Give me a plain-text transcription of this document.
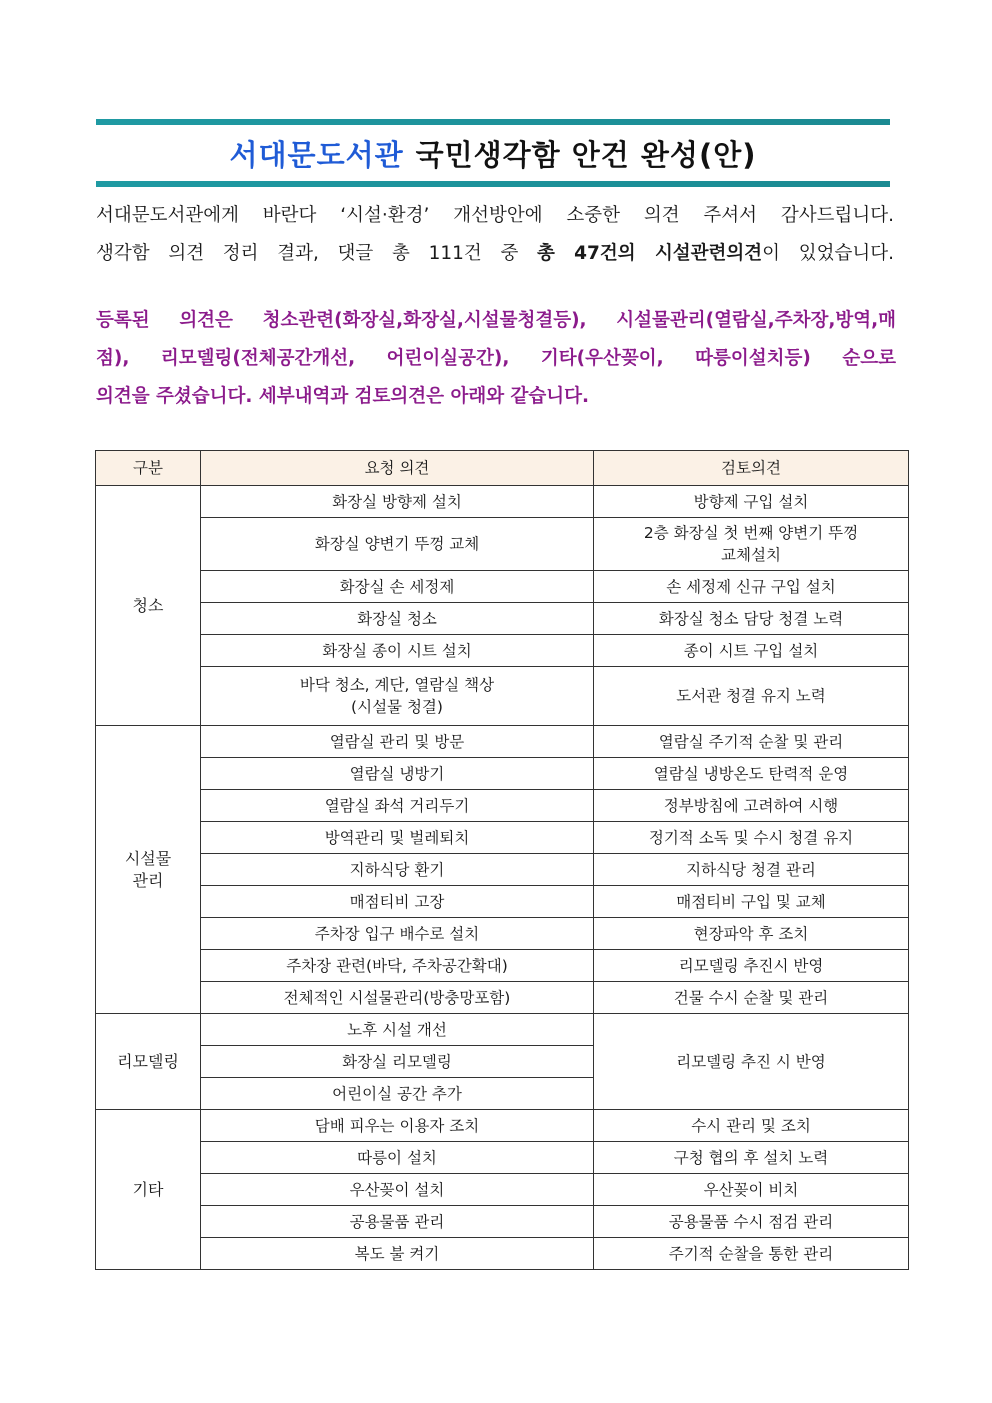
서대문도서관 국민생각함 안건 완성(안)

서대문도서관에게 바란다 ‘시설·환경’ 개선방안에 소중한 의견 주셔서 감사드립니다.

생각함 의견 정리 결과, 댓글 총 111건 중 총 47건의 시설관련의견이 있었습니다.

등록된 의견은 청소관련(화장실,화장실,시설물청결등), 시설물관리(열람실,주차장,방역,매

점), 리모델링(전체공간개선, 어린이실공간), 기타(우산꽂이, 따릉이설치등) 순으로

의견을 주셨습니다. 세부내역과 검토의견은 아래와 같습니다.

구분	요청 의견	검토의견
청소	화장실 방향제 설치	방향제 구입 설치
	화장실 양변기 뚜껑 교체	2층 화장실 첫 번째 양변기 뚜껑
교체설치
	화장실 손 세정제	손 세정제 신규 구입 설치
	화장실 청소	화장실 청소 담당 청결 노력
	화장실 종이 시트 설치	종이 시트 구입 설치
	바닥 청소, 계단, 열람실 책상
(시설물 청결)	도서관 청결 유지 노력
시설물
관리	열람실 관리 및 방문	열람실 주기적 순찰 및 관리
	열람실 냉방기	열람실 냉방온도 탄력적 운영
	열람실 좌석 거리두기	정부방침에 고려하여 시행
	방역관리 및 벌레퇴치	정기적 소독 및 수시 청결 유지
	지하식당 환기	지하식당 청결 관리
	매점티비 고장	매점티비 구입 및 교체
	주차장 입구 배수로 설치	현장파악 후 조치
	주차장 관련(바닥, 주차공간확대)	리모델링 추진시 반영
	전체적인 시설물관리(방충망포함)	건물 수시 순찰 및 관리
리모델링	노후 시설 개선	리모델링 추진 시 반영
	화장실 리모델링	
	어린이실 공간 추가	
기타	담배 피우는 이용자 조치	수시 관리 및 조치
	따릉이 설치	구청 협의 후 설치 노력
	우산꽂이 설치	우산꽂이 비치
	공용물품 관리	공용물품 수시 점검 관리
	복도 불 켜기	주기적 순찰을 통한 관리
